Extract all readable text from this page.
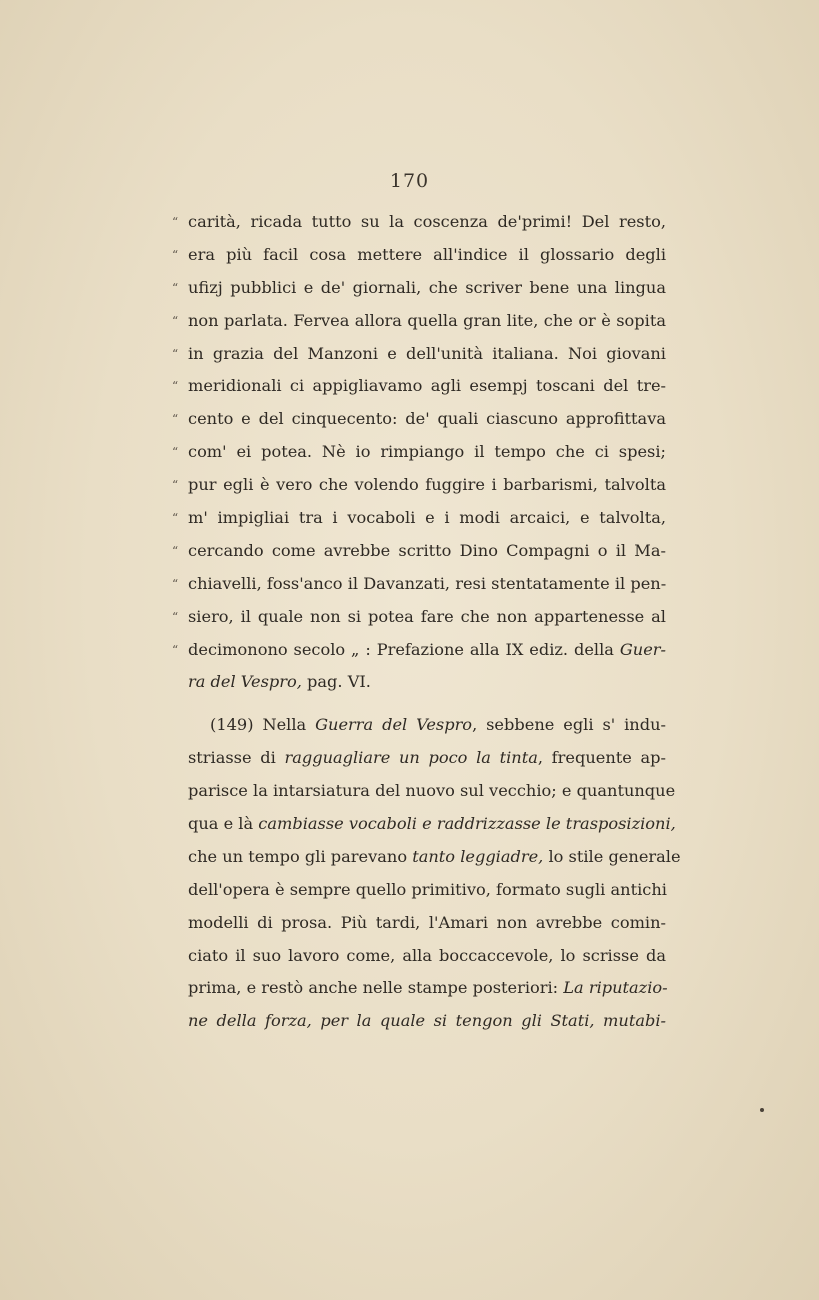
170
“ carità, ricada tutto su la coscenza de'primi! Del resto,
“ era più facil cosa mettere all'indice il glossario degli
“ ufizj pubblici e de' giornali, che scriver bene una lingua
“ non parlata. Fervea allora quella gran lite, che or è sopita
“ in grazia del Manzoni e dell'unità italiana. Noi giovani
“ meridionali ci appigliavamo agli esempj toscani del tre-
“ cento e del cinquecento: de' quali ciascuno approfittava
“ com' ei potea. Nè io rimpiango il tempo che ci spesi;
“ pur egli è vero che volendo fuggire i barbarismi, talvolta
“ m' impigliai tra i vocaboli e i modi arcaici, e talvolta,
“ cercando come avrebbe scritto Dino Compagni o il Ma-
“ chiavelli, foss'anco il Davanzati, resi stentatamente il pen-
“ siero, il quale non si potea fare che non appartenesse al
“ decimonono secolo „ : Prefazione alla IX ediz. della Guer-
ra del Vespro, pag. VI.
(149) Nella Guerra del Vespro, sebbene egli s' indu-
striasse di ragguagliare un poco la tinta, frequente ap-
parisce la intarsiatura del nuovo sul vecchio; e quantunque
qua e là cambiasse vocaboli e raddrizzasse le trasposizioni,
che un tempo gli parevano tanto leggiadre, lo stile generale
dell'opera è sempre quello primitivo, formato sugli antichi
modelli di prosa. Più tardi, l'Amari non avrebbe comin-
ciato il suo lavoro come, alla boccaccevole, lo scrisse da
prima, e restò anche nelle stampe posteriori: La riputazio-
ne della forza, per la quale si tengon gli Stati, mutabi-
